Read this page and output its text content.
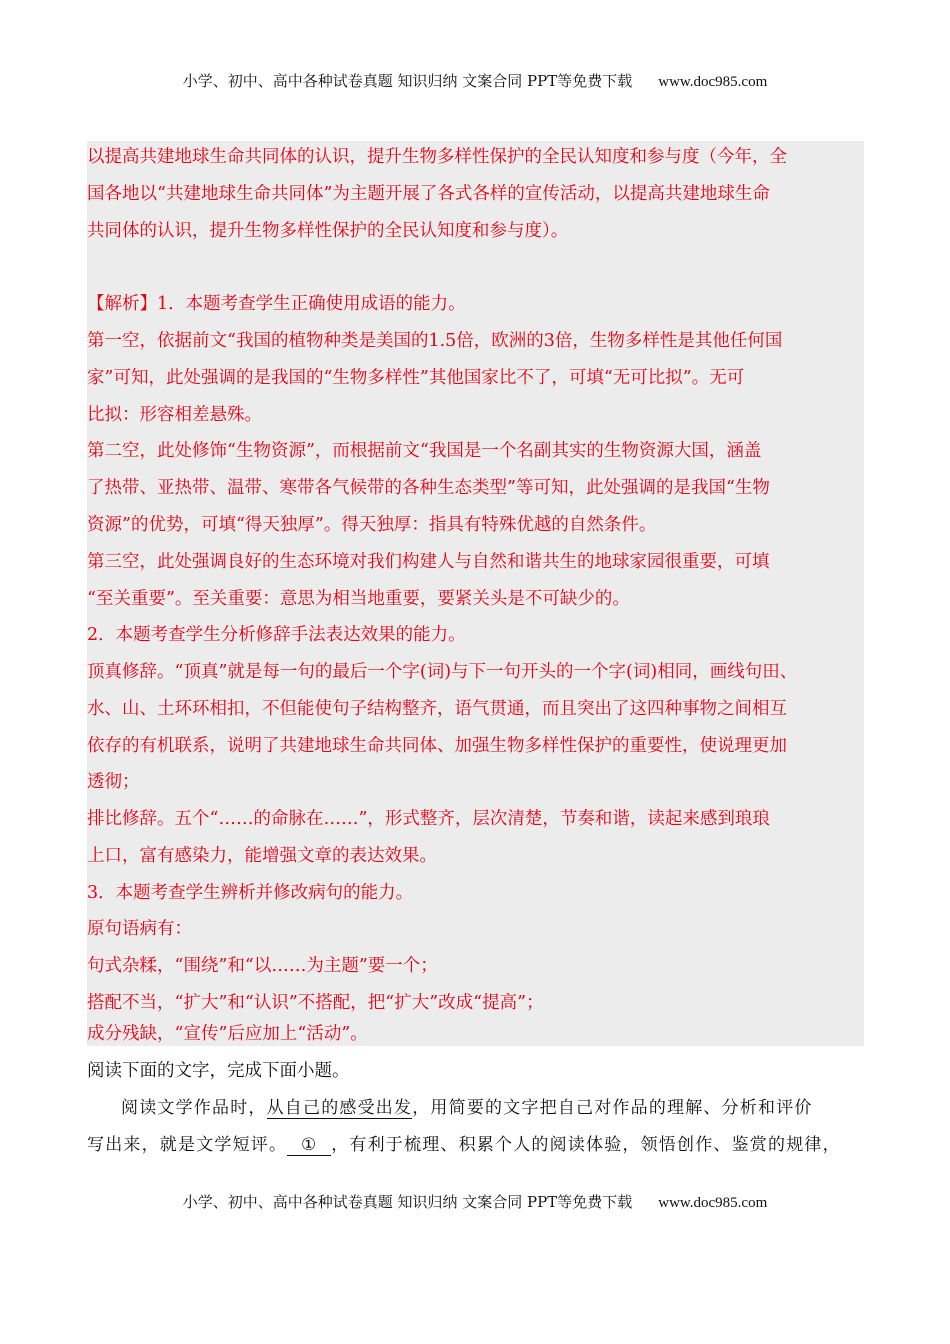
小学、初中、高中各种试卷真题 知识归纳 文案合同 PPT等免费下载 www.doc985.com
以提高共建地球生命共同体的认识，提升生物多样性保护的全民认知度和参与度（今年，全
国各地以“共建地球生命共同体”为主题开展了各式各样的宣传活动，以提高共建地球生命
共同体的认识，提升生物多样性保护的全民认知度和参与度）。
【解析】1．本题考查学生正确使用成语的能力。
第一空，依据前文“我国的植物种类是美国的1.5倍，欧洲的3倍，生物多样性是其他任何国
家”可知，此处强调的是我国的“生物多样性”其他国家比不了，可填“无可比拟”。无可
比拟：形容相差悬殊。
第二空，此处修饰“生物资源”，而根据前文“我国是一个名副其实的生物资源大国，涵盖
了热带、亚热带、温带、寒带各气候带的各种生态类型”等可知，此处强调的是我国“生物
资源”的优势，可填“得天独厚”。得天独厚：指具有特殊优越的自然条件。
第三空，此处强调良好的生态环境对我们构建人与自然和谐共生的地球家园很重要，可填
“至关重要”。至关重要：意思为相当地重要，要紧关头是不可缺少的。
2．本题考查学生分析修辞手法表达效果的能力。
顶真修辞。“顶真”就是每一句的最后一个字(词)与下一句开头的一个字(词)相同，画线句田、
水、山、土环环相扣，不但能使句子结构整齐，语气贯通，而且突出了这四种事物之间相互
依存的有机联系，说明了共建地球生命共同体、加强生物多样性保护的重要性，使说理更加
透彻；
排比修辞。五个“……的命脉在……”，形式整齐，层次清楚，节奏和谐，读起来感到琅琅
上口，富有感染力，能增强文章的表达效果。
3．本题考查学生辨析并修改病句的能力。
原句语病有：
句式杂糅，“围绕”和“以……为主题”要一个；
搭配不当，“扩大”和“认识”不搭配，把“扩大”改成“提高”；
成分残缺，“宣传”后应加上“活动”。
阅读下面的文字，完成下面小题。
阅读文学作品时，从自己的感受出发，用简要的文字把自己对作品的理解、分析和评价
写出来，就是文学短评。 ① ，有利于梳理、积累个人的阅读体验，领悟创作、鉴赏的规律，
小学、初中、高中各种试卷真题 知识归纳 文案合同 PPT等免费下载 www.doc985.com
